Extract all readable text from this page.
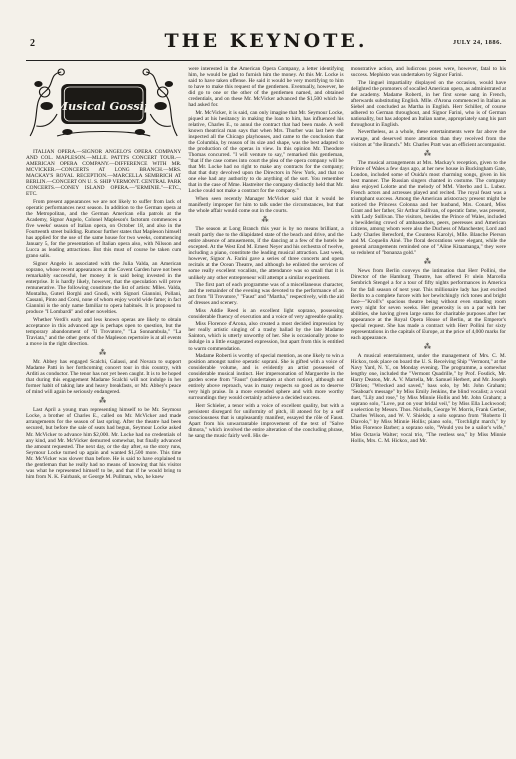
2	THE KEYNOTE.	JULY 24, 1886.
Musical Gossip

ITALIAN OPERA.—SIGNOR ANGELO'S OPERA COMPANY AND COL. MAPLESON.—MLLE. PATTI'S CONCERT TOUR.—AMERICAN OPERA COMPANY.—DIFFERENCE WITH MR. MCVICKER.—CONCERTS AT LONG BRANCH.—MRS. MACKAY'S ROYAL RECEPTION.—MARCELLA SEMBRICH AT BERLIN.—CONCERT ON U. S. SHIP VERMONT. CENTRAL PARK CONCERTS.—CONEY ISLAND OPERA.—"ERMINIE."—ETC., ETC.

From present appearances we are not likely to suffer from lack of operatic performances next season. In addition to the German opera at the Metropolitan, and the German American ella patrols at the Academy, Signor Angelo, Colonel Mapleson's factotum commences a five weeks' season of Italian opera, on October 18, and also in the Fourteenth street building. Rumour further states that Mapleson himself has applied for the use of the same house for two weeks, commencing January 5, for the presentation of Italian opera also, with Nilsson and Lucca as leading attractions. But this must of course be taken cum grano salis.

Signor Angelo is associated with the Julia Valda, an American soprano, whose recent appearances at the Covent Garden have not been remarkably successful, her money it is said being invested in the enterprise. It is hardly likely, however, that the speculation will prove remunerative. The following constitute the list of artists: Mlles. Valda, Montalba, Guteri Borghi and Gnodi, with Signori Giannini, Pollani, Cassani, Pinto and Corsi, none of whom enjoy world wide fame; in fact Giannini is the only name familiar to opera habitués. It is proposed to produce "I Lombardi" and other novelties.

Whether Verdi's early and less known operas are likely to obtain acceptance in this advanced age is perhaps open to question, but the temporary abandonment of "Il Trovatore," "La Sonnambula," "La Traviata," and the other gems of the Mapleson repertoire is at all events a move in the right direction.

⁂

Mr. Abbey has engaged Scalchi, Galassi, and Novara to support Madame Patti in her forthcoming concert tour in this country, with Arditi as conductor. The tenor has not yet been caught. It is to be hoped that during this engagement Madame Scalchi will not indulge in her former habit of taking late and heavy breakfasts, or Mr. Abbey's peace of mind will again be seriously endangered.

⁂

Last April a young man representing himself to be Mr. Seymour Locke, a brother of Charles E., called on Mr. McVicker and made arrangements for the season of last spring. After the theatre had been secured, but before the sale of seats had begun, Seymour Locke asked Mr. McVicker to advance him $2,000. Mr. Locke had no credentials of any kind, and Mr. McVicker demurred somewhat, but finally advanced the amount requested. The next day, or the day after, so the story runs, Seymour Locke turned up again and wanted $1,500 more. This time Mr. McVicker was slower than before. He is said to have explained to the gentleman that he really had no means of knowing that his visitor was what he represented himself to be, and that if he would bring to him from N. K. Fairbank, or George M. Pullman, who, he knew

were interested in the American Opera Company, a letter identifying him, he would be glad to furnish him the money. At this Mr. Locke is said to have taken offense. He said it would be very mortifying to him to have to make this request of the gentlemen. Eventually, however, he did go to one or the other of the gentlemen named, and obtained credentials, and on these Mr. McVicker advanced the $1,500 which he had asked for.

Mr. McVicker, it is said, can only imagine that Mr. Seymour Locke, piqued at his hesitancy in making the loan to him, has influenced his relative, Charles E., to annul the contract that had been made. A well known theatrical man says that when Mrs. Thurber was last here she inspected all the Chicago playhouses, and came to the conclusion that the Columbia, by reason of its size and shape, was the best adapted to the production of the operas in view. In this opinion Mr. Theodore Thomas concurred. "I will venture to say," remarked this gentleman, "that if the case comes into court the plea of the opera company will be that Mr. Locke had no right to make any contracts for the company; that that duty devolved upon the Directors in New York, and that no one else had any authority to do anything of the sort. You remember that in the case of Mme. Hastreiter the company distinctly held that Mr. Locke could not make a contract for the company."

When seen recently Manager McVicker said that it would be manifestly improper for him to talk under the circumstances, but that the whole affair would come out in the courts.

⁂

The season at Long Branch this year is by no means brilliant, a result partly due to the dilapidated state of the beach and drive, and the entire absence of amusements, if the dancing at a few of the hotels be excepted. At the West End M. Ernest Neyer and his orchestra of twelve, including a piano, constitute the leading musical attraction. Last week, however, Signor A. Farini gave a series of three concerts and opera recitals at the Ocean Theatre, and although he enlisted the services of some really excellent vocalists, the attendance was so small that it is unlikely any other entrepreneur will attempt a similar experiment.

The first part of each programme was of a miscellaneous character, and the remainder of the evening was devoted to the performance of an act from "Il Trovatore," "Faust" and "Martha," respectively, with the aid of dresses and scenery.

Miss Addie Reed is an excellent light soprano, possessing considerable fluency of execution and a voice of very agreeable quality.

Miss Florence d'Arona, also created a most decided impression by her really artistic singing of a trashy ballad by the late Madame Sainton, which is utterly unworthy of her. She is occasionally prone to indulge in a little exaggerated expression, but apart from this is entitled to warm commendation.

Madame Roberti is worthy of special mention, as one likely to win a position amongst native operatic soprani. She is gifted with a voice of considerable volume, and is evidently an artist possessed of considerable musical instinct. Her impersonation of Marguerite in the garden scene from "Faust" (undertaken at short notice), although not entirely above reproach, was in many respects so good as to deserve very high praise. In a more extended sphere and with more worthy surroundings they would certainly achieve a decided success.

Herr Schieler, a tenor with a voice of excellent quality, but with a persistent disregard for uniformity of pitch, ill atoned for by a self consciousness that is unpleasantly manifest, essayed the rôle of Faust. Apart from his unwarrantable improvement of the text of "Salve dimora," which involved the entire alteration of the concluding phrase, he sang the music fairly well. His de-

monstrative action, and ludicrous poses were, however, fatal to his success. Mephisto was undertaken by Signor Farini.

The linguel impartiality displayed on the occasion, would have delighted the promoters of socalled American opera, as administrated at the academy. Madame Roberti, in her first scene sang in French, afterwards substituting English. Mlle. d'Arona commenced in Italian as Siebel and concluded as Martha in English. Herr Schiller, of course adhered to German throughout, and Signor Farini, who is of German nationality, but has adopted an Italian name, appropriately sang his part throughout in English.

Nevertheless, as a whole, these entertainments were far above the average, and deserved more attention than they received from the visitors at "the Branch." Mr. Charles Pratt was an efficient accompanist.

⁂

The musical arrangements at Mrs. Mackay's reception, given to the Prince of Wales a few days ago, at her new house in Buckingham Gate, London, included some of Ouida's most charming songs, given in his best manner. The Russian singers chanted in costume. The company also enjoyed Lolotte and the melody of MM. Viterbo and L. Lubez. French actors and actresses played and recited. The royal feast was a triumphant success. Among the American aristocracy present might be noticed the Princess Colonna and her husband, Mrs. Conard, Miss Grant and her father, Sir Arthur Sullivan, of operatic fame, was present, with Lady Sullivan. The visitors, besides the Prince of Wales, included a bewildering crowd of ambassadors, peers, peeresses and American citizens, among whom were also the Duchess of Manchester, Lord and Lady Charles Beresford, the Countess Karolyi, Mlle. Blanche Pierson and M. Coquelin Ainé. The floral decorations were elegant, while the general arrangements reminded one of "Aline Kitaamanga," they were so redolent of "bonanza gold."

⁂

News from Berlin conveys the intimation that Herr Pollini, the Director of the Hamburg Theatre, has offered Fr ulein Marcella Sembrich Stengel a for a tour of fifty nights performances in America for the fall season of next year. This millionaire lady has just excited Berlin to a complete furore with her bewitchingly rich tones and bright face—"Kroll's" spacious theatre being without even standing room every night for seven weeks. Her generosity is on a par with her abilities, she having given large sums for charitable purposes after her appearance at the Royal Opera House of Berlin, at the Emperor's special request. She has made a contract with Herr Pollini for sixty representations in the capitals of Europe, at the price of 4,000 marks for each appearance.

⁂

A musical entertainment, under the management of Mrs. C. M. Hickox, took place on board the U. S. Receiving Ship "Vermont," at the Navy Yard, N. Y., on Monday evening. The programme, a somewhat lengthy one, included the "Vermont Quadrille," by Prof. Fosdick, Mr. Harry Deaton, Mr. A. V. Martella, Mr. Samuel Herbert, and Mr. Joseph O'Brien; "Wrecked and saved," bass solo, by Mr. John Graham; "Seaboat's message" by Miss Emily Jenkins, the blind vocalist; a vocal duet, "Lily and rose," by Miss Minnie Hollis and Mr. John Graham; a soprano solo, "Love, put on your bridal veil," by Miss Ella Lockwood; a selection by Messrs. Thos. Nicholls, George W. Morris, Frank Gerber, Charles Wilson, and W. V. Shields; a solo soprano from "Roberto Il Diavolo," by Miss Minnie Hollis; piano solo, "Torchlight march," by Miss Florence Barber; a soprano solo, "Would you be a sailor's wife," Miss Octavia Walter; vocal trio, "The restless sea," by Miss Minnie Hollis, Mrs. C. M. Hickox, and Mr.
